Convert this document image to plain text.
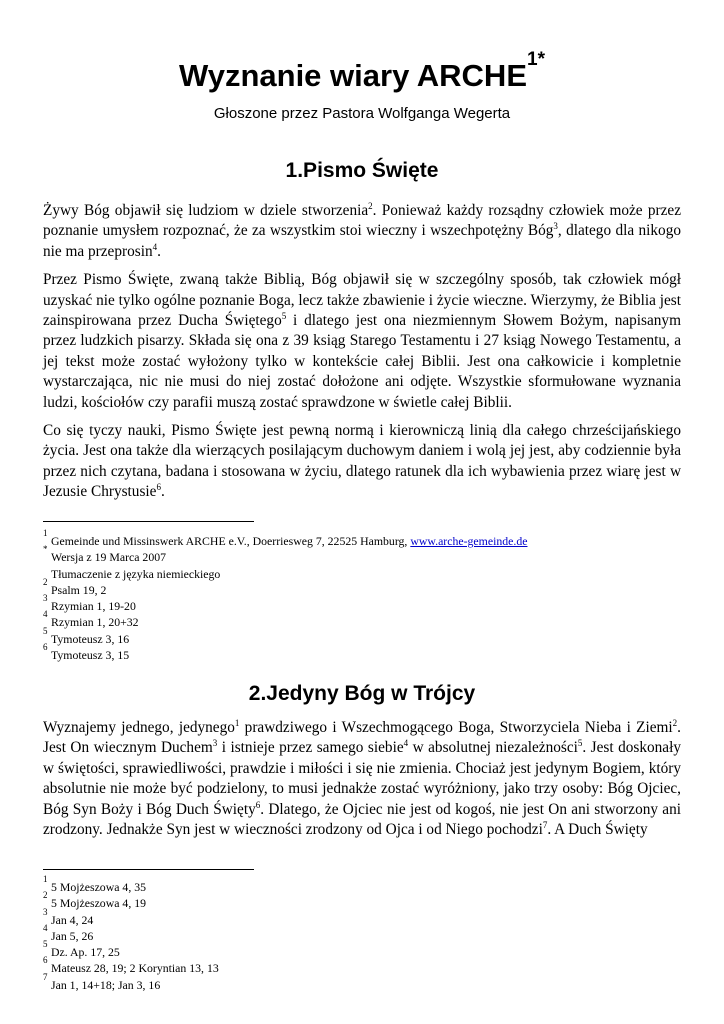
Wyznanie wiary $ARCHE^{1*}$
Głoszone przez Pastora Wolfganga Wegerta
1.Pismo Święte

Żywy Bóg objawił się ludziom w dziele stworzenia$^2$. Ponieważ każdy rozsądny człowiek może przez poznanie umysłem rozpoznać, że za wszystkim stoi wieczny i wszechpotężny Bóg$^3$, dlatego dla nikogo nie ma przeprosin$^4$.

Przez Pismo Święte, zwaną także Biblią, Bóg objawił się w szczególny sposób, tak człowiek mógł uzyskać nie tylko ogólne poznanie Boga, lecz także zbawienie i życie wieczne. Wierzymy, że Biblia jest zainspirowana przez Ducha Świętego$^5$ i dlatego jest ona niezmiennym Słowem Bożym, napisanym przez ludzkich pisarzy. Składa się ona z 39 ksiąg Starego Testamentu i 27 ksiąg Nowego Testamentu, a jej tekst może zostać wyłożony tylko w kontekście całej Biblii. Jest ona całkowicie i kompletnie wystarczająca, nic nie musi do niej zostać dołożone ani odjęte. Wszystkie sformułowane wyznania ludzi, kościołów czy parafii muszą zostać sprawdzone w świetle całej Biblii.

Co się tyczy nauki, Pismo Święte jest pewną normą i kierowniczą linią dla całego chrześcijańskiego życia. Jest ona także dla wierzących posilającym duchowym daniem i wolą jej jest, aby codziennie była przez nich czytana, badana i stosowana w życiu, dlatego ratunek dla ich wybawienia przez wiarę jest w Jezusie Chrystusie$^6$.

1
Gemeinde und Missinswerk ARCHE e.V., Doerriesweg 7, 22525 Hamburg, www.arche-gemeinde.de
*
Wersja z 19 Marca 2007
Tłumaczenie z języka niemieckiego
2
Psalm 19, 2
3
Rzymian 1, 19-20
4
Rzymian 1, 20+32
5
Tymoteusz 3, 16
6
Tymoteusz 3, 15
2.Jedyny Bóg w Trójcy

Wyznajemy jednego, jedynego$^1$ prawdziwego i Wszechmogącego Boga, Stworzyciela Nieba i Ziemi$^2$. Jest On wiecznym Duchem$^3$ i istnieje przez samego siebie$^4$ w absolutnej niezależności$^5$. Jest doskonały w świętości, sprawiedliwości, prawdzie i miłości i się nie zmienia. Chociaż jest jedynym Bogiem, który absolutnie nie może być podzielony, to musi jednakże zostać wyróżniony, jako trzy osoby: Bóg Ojciec, Bóg Syn Boży i Bóg Duch Święty$^6$. Dlatego, że Ojciec nie jest od kogoś, nie jest On ani stworzony ani zrodzony. Jednakże Syn jest w wieczności zrodzony od Ojca i od Niego pochodzi$^7$. A Duch Święty

1
5 Mojżeszowa 4, 35
2
5 Mojżeszowa 4, 19
3
Jan 4, 24
4
Jan 5, 26
5
Dz. Ap. 17, 25
6
Mateusz 28, 19; 2 Koryntian 13, 13
7
Jan 1, 14+18; Jan 3, 16
